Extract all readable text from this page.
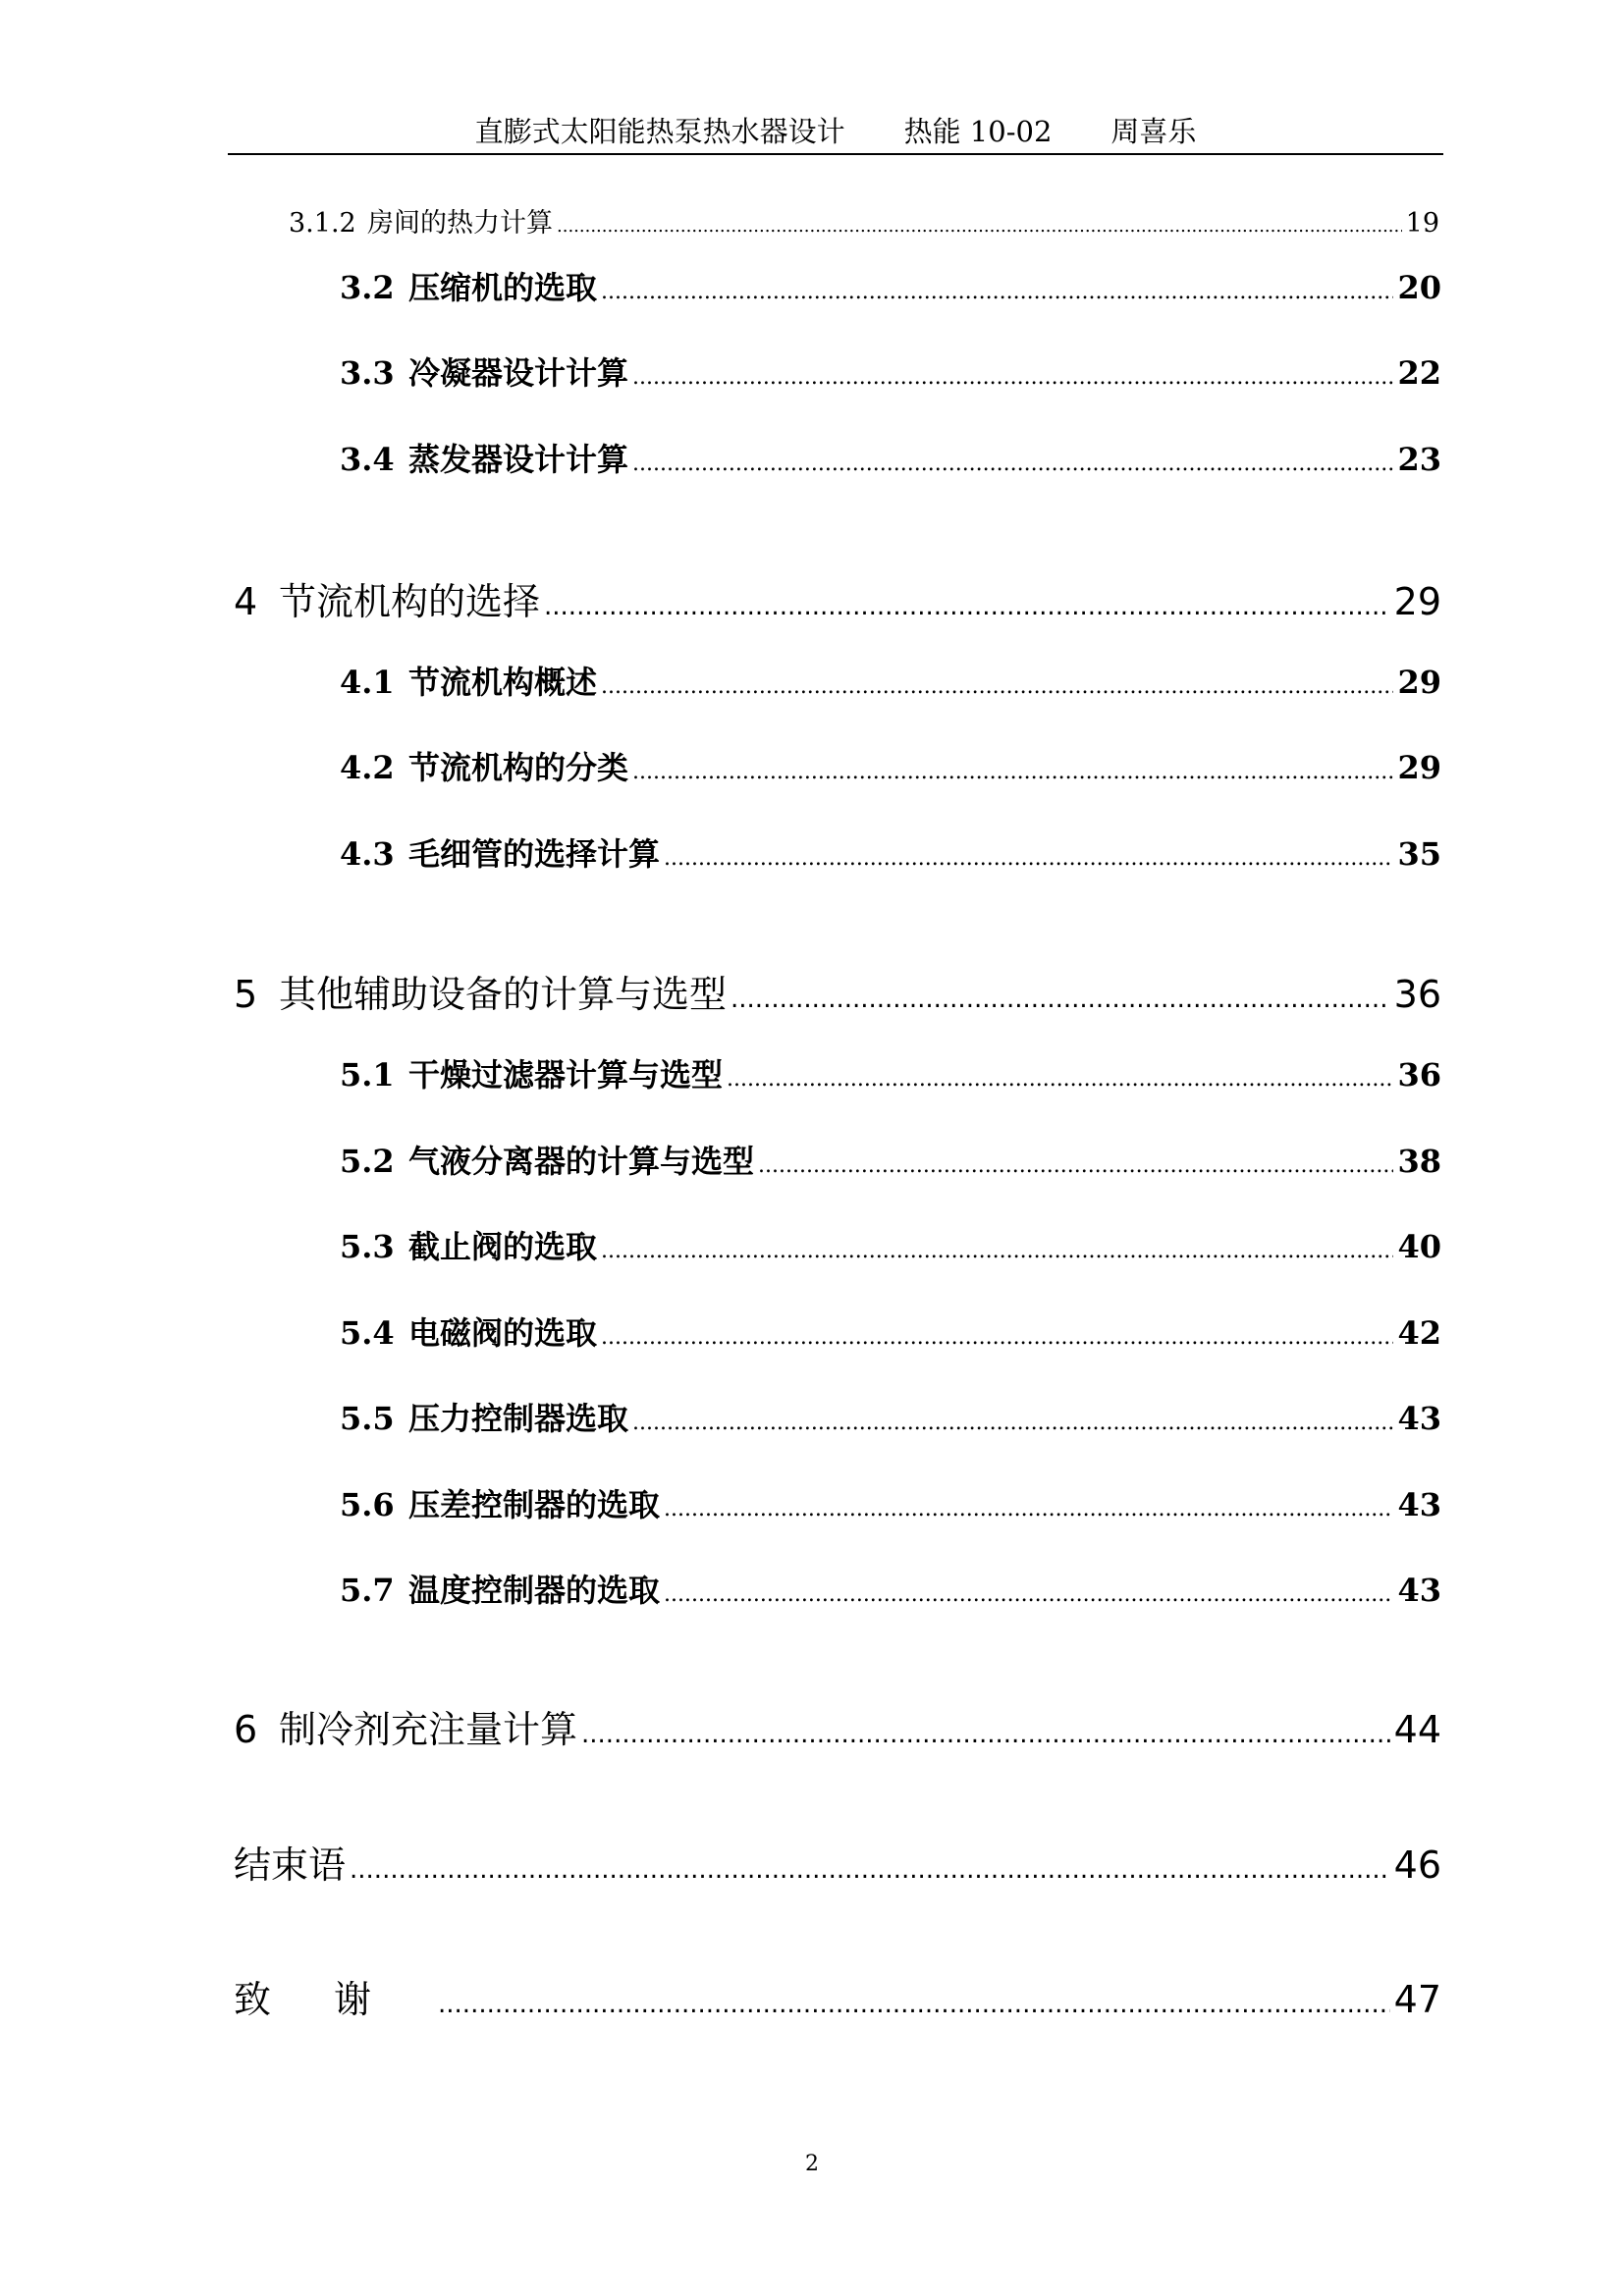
直膨式太阳能热泵热水器设计 热能 10-02 周喜乐
3.1.2 房间的热力计算 .....	19
3.2 压缩机的选取 .....	20
3.3 冷凝器设计计算 .....	22
3.4 蒸发器设计计算 .....	23
4 节流机构的选择 .....	29
4.1 节流机构概述 .....	29
4.2 节流机构的分类 .....	29
4.3 毛细管的选择计算 .....	35
5 其他辅助设备的计算与选型 .....	36
5.1 干燥过滤器计算与选型 .....	36
5.2 气液分离器的计算与选型 .....	38
5.3 截止阀的选取 .....	40
5.4 电磁阀的选取 .....	42
5.5 压力控制器选取 .....	43
5.6 压差控制器的选取 .....	43
5.7 温度控制器的选取 .....	43
6 制冷剂充注量计算 .....	44
结束语 .....	46
致谢 .....	47
2
